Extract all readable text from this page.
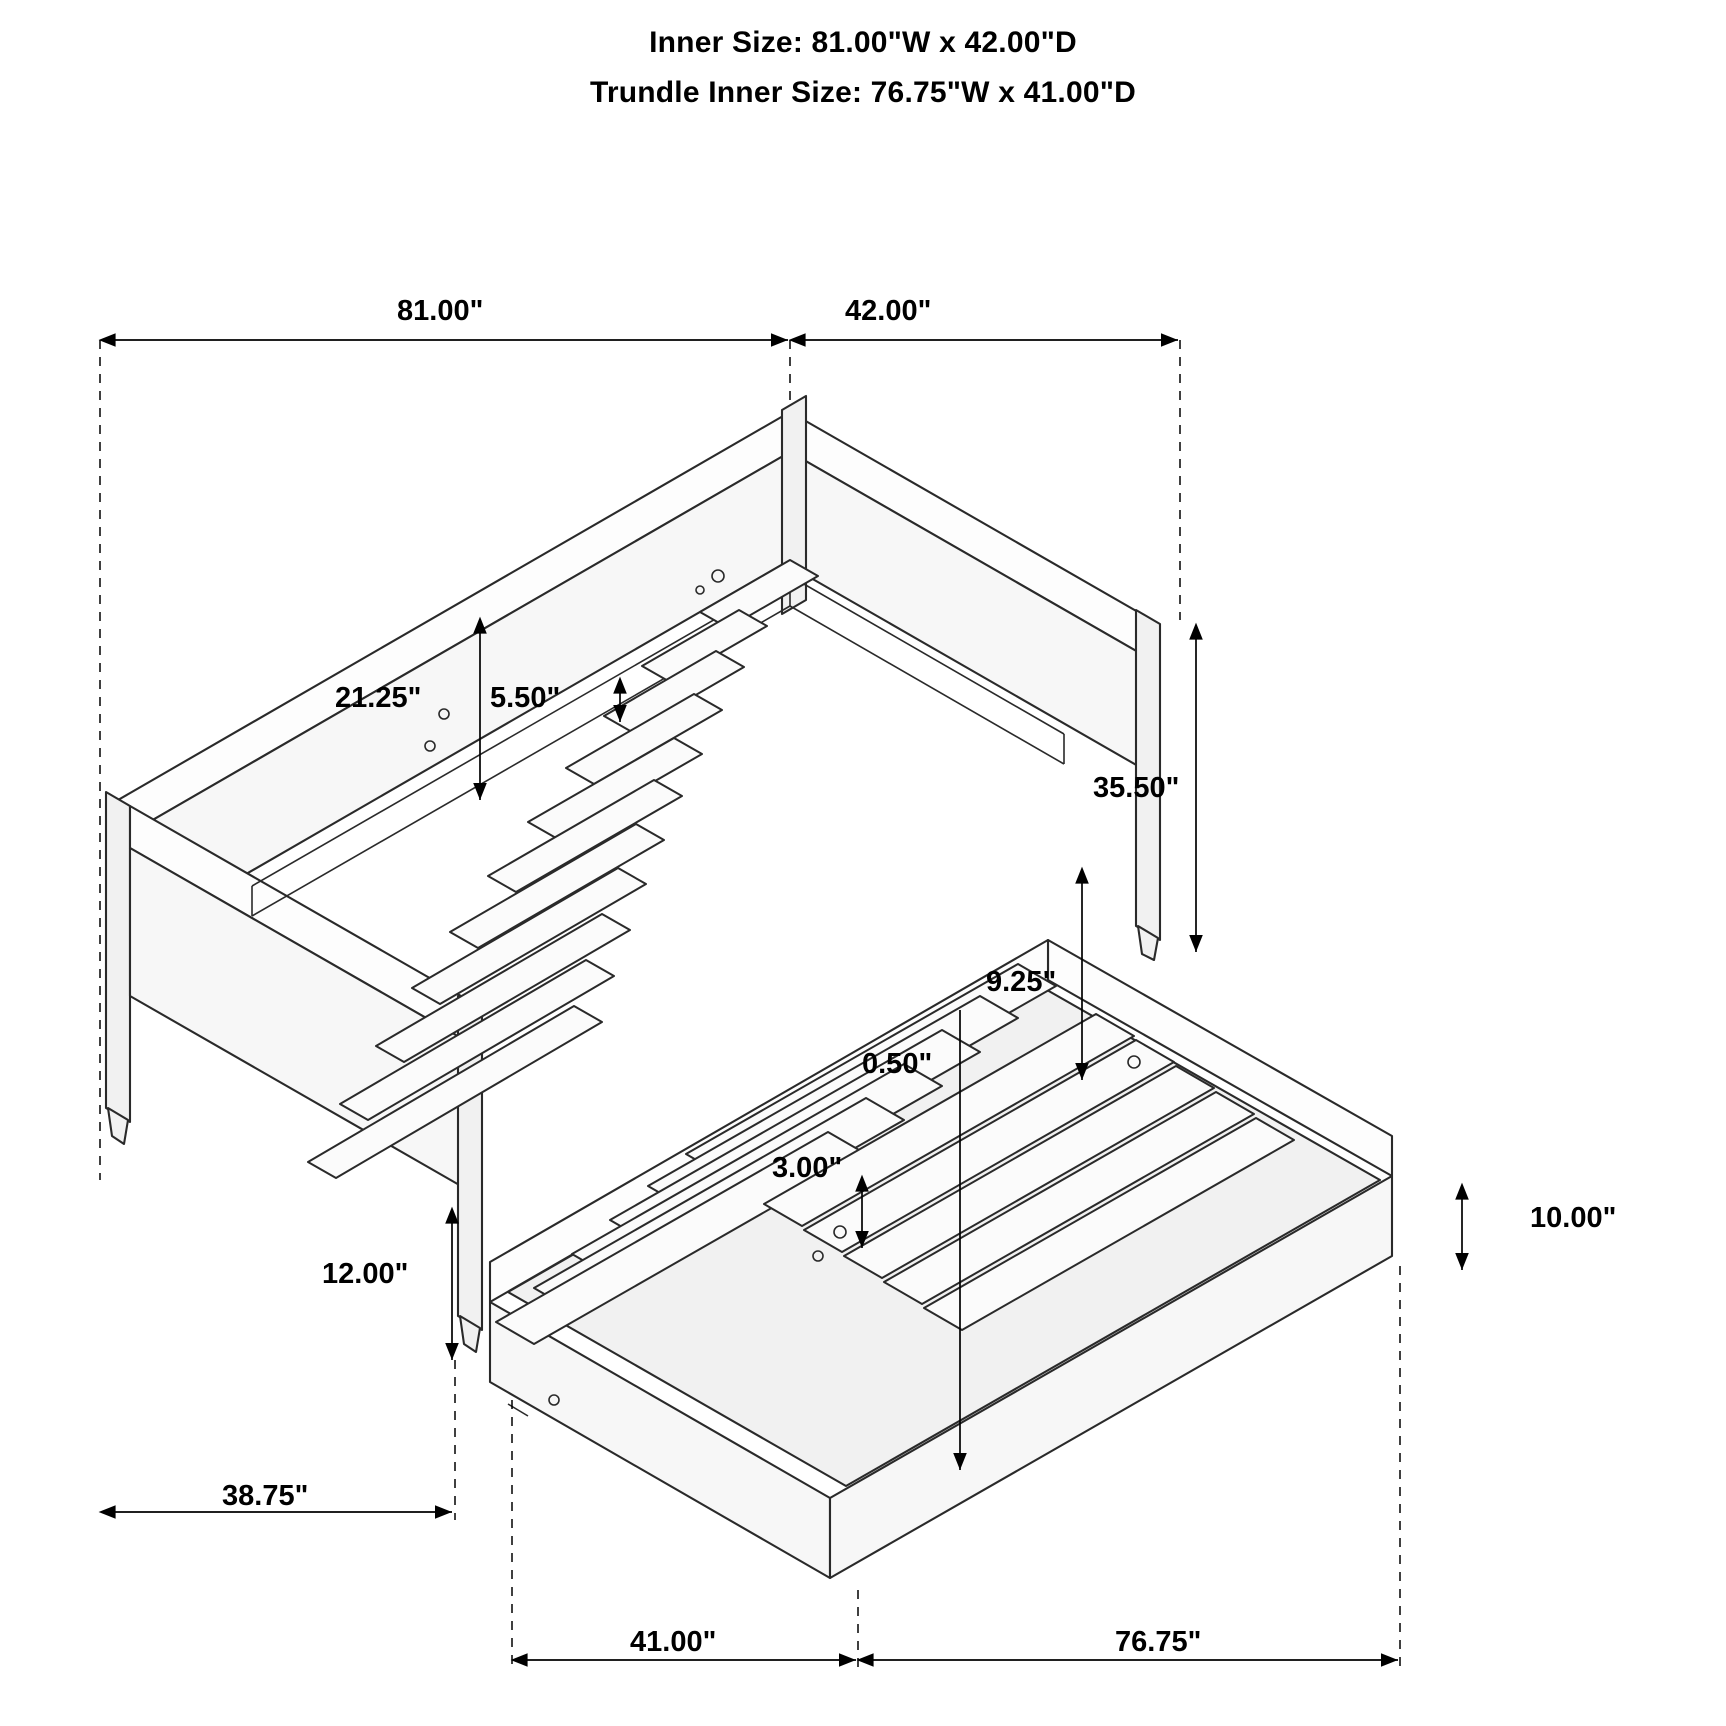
Inner Size: 81.00"W x 42.00"D
Trundle Inner Size: 76.75"W x 41.00"D
81.00"	42.00"
21.25" 5.50"
35.50"
9.25"
0.50"
3.00"
12.00"
10.00"
38.75"
41.00"	76.75"
